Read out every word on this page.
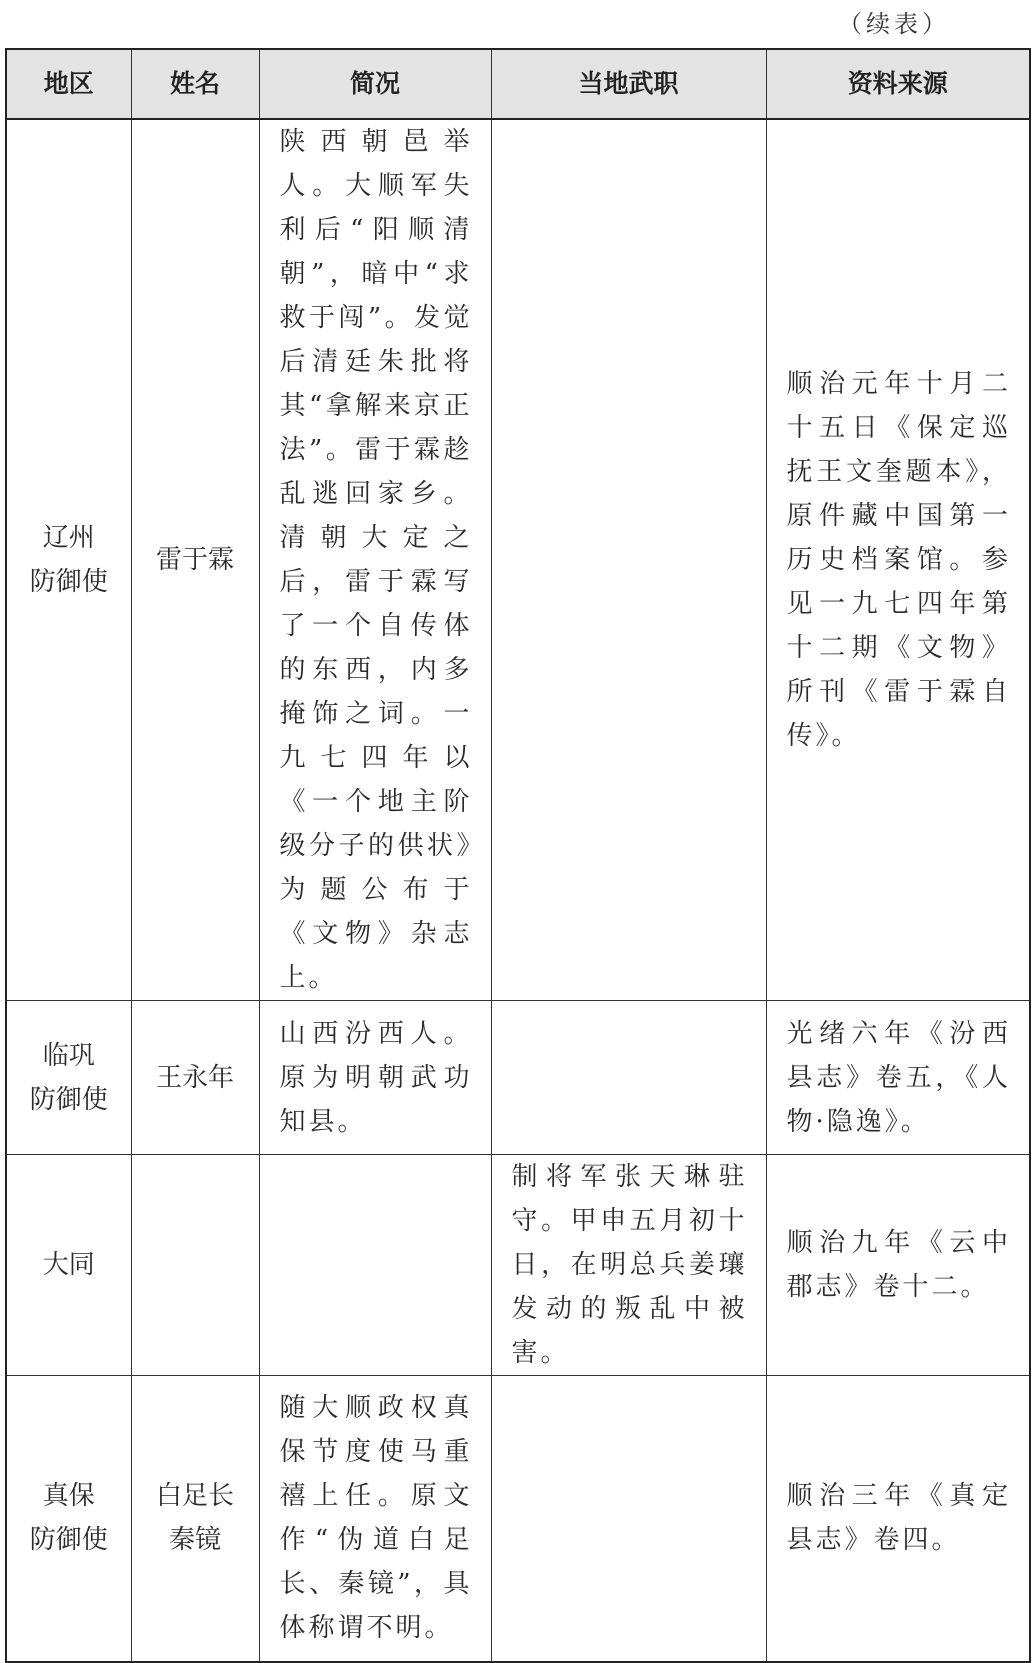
（续表）
地区	姓名	简况	当地武职	资料来源

辽州
防御使	雷于霖	陕西朝邑举人。大顺军失利后“阳顺清朝”，暗中“求救于闯”。发觉后清廷朱批将其“拿解来京正法”。雷于霖趁乱逃回家乡。清朝大定之后，雷于霖写了一个自传体的东西，内多掩饰之词。一九七四年以《一个地主阶级分子的供状》为题公布于《文物》杂志上。		顺治元年十月二十五日《保定巡抚王文奎题本》，原件藏中国第一历史档案馆。参见一九七四年第十二期《文物》所刊《雷于霖自传》。

临巩
防御使	王永年	山西汾西人。原为明朝武功知县。		光绪六年《汾西县志》卷五，《人物·隐逸》。

大同			制将军张天琳驻守。甲申五月初十日，在明总兵姜瓖发动的叛乱中被害。	顺治九年《云中郡志》卷十二。

真保
防御使	白足长
秦镜	随大顺政权真保节度使马重禧上任。原文作“伪道白足长、秦镜”，具体称谓不明。		顺治三年《真定县志》卷四。
